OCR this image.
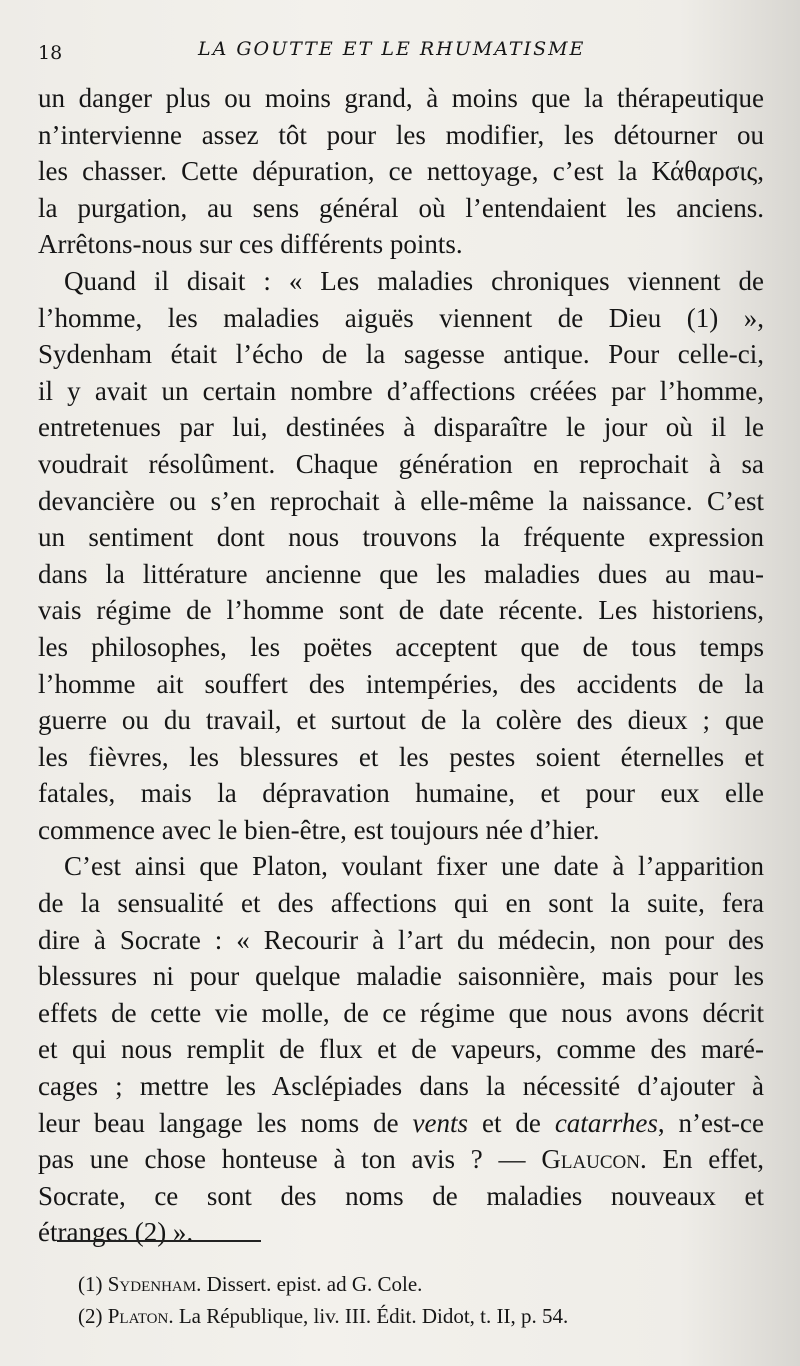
18	LA GOUTTE ET LE RHUMATISME
un danger plus ou moins grand, à moins que la thérapeutique
n’intervienne assez tôt pour les modifier, les détourner ou
les chasser. Cette dépuration, ce nettoyage, c’est la Κάθαρσις,
la purgation, au sens général où l’entendaient les anciens.
Arrêtons-nous sur ces différents points.
Quand il disait : « Les maladies chroniques viennent de
l’homme, les maladies aiguës viennent de Dieu (1) »,
Sydenham était l’écho de la sagesse antique. Pour celle-ci,
il y avait un certain nombre d’affections créées par l’homme,
entretenues par lui, destinées à disparaître le jour où il le
voudrait résolûment. Chaque génération en reprochait à sa
devancière ou s’en reprochait à elle-même la naissance. C’est
un sentiment dont nous trouvons la fréquente expression
dans la littérature ancienne que les maladies dues au mau-
vais régime de l’homme sont de date récente. Les historiens,
les philosophes, les poëtes acceptent que de tous temps
l’homme ait souffert des intempéries, des accidents de la
guerre ou du travail, et surtout de la colère des dieux ; que
les fièvres, les blessures et les pestes soient éternelles et
fatales, mais la dépravation humaine, et pour eux elle
commence avec le bien-être, est toujours née d’hier.
C’est ainsi que Platon, voulant fixer une date à l’apparition
de la sensualité et des affections qui en sont la suite, fera
dire à Socrate : « Recourir à l’art du médecin, non pour des
blessures ni pour quelque maladie saisonnière, mais pour les
effets de cette vie molle, de ce régime que nous avons décrit
et qui nous remplit de flux et de vapeurs, comme des maré-
cages ; mettre les Asclépiades dans la nécessité d’ajouter à
leur beau langage les noms de vents et de catarrhes, n’est-ce
pas une chose honteuse à ton avis ? — Glaucon. En effet,
Socrate, ce sont des noms de maladies nouveaux et
étranges (2) ».
(1) Sydenham. Dissert. epist. ad G. Cole.
(2) Platon. La République, liv. III. Édit. Didot, t. II, p. 54.
